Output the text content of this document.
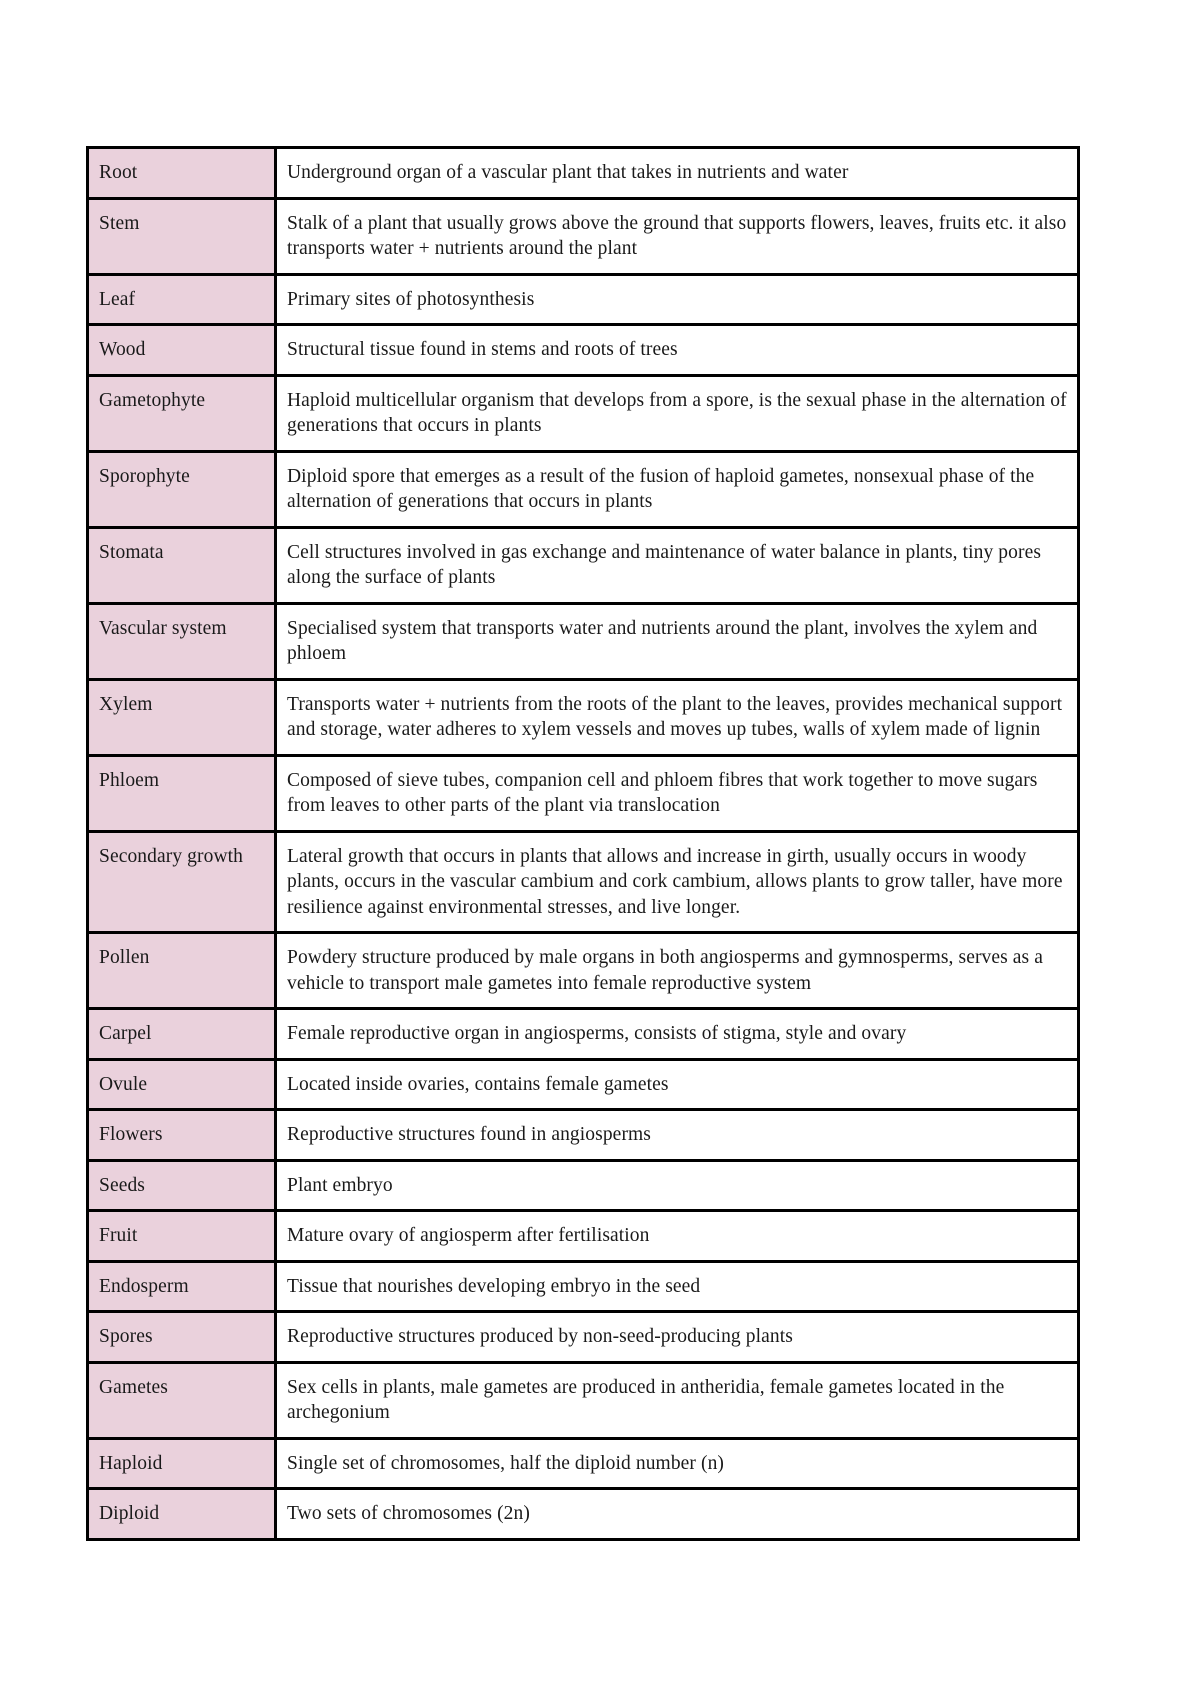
Root	Underground organ of a vascular plant that takes in nutrients and water
Stem	Stalk of a plant that usually grows above the ground that supports flowers, leaves, fruits etc. it also transports water + nutrients around the plant
Leaf	Primary sites of photosynthesis
Wood	Structural tissue found in stems and roots of trees
Gametophyte	Haploid multicellular organism that develops from a spore, is the sexual phase in the alternation of generations that occurs in plants
Sporophyte	Diploid spore that emerges as a result of the fusion of haploid gametes, nonsexual phase of the alternation of generations that occurs in plants
Stomata	Cell structures involved in gas exchange and maintenance of water balance in plants, tiny pores along the surface of plants
Vascular system	Specialised system that transports water and nutrients around the plant, involves the xylem and phloem
Xylem	Transports water + nutrients from the roots of the plant to the leaves, provides mechanical support and storage, water adheres to xylem vessels and moves up tubes, walls of xylem made of lignin
Phloem	Composed of sieve tubes, companion cell and phloem fibres that work together to move sugars from leaves to other parts of the plant via translocation
Secondary growth	Lateral growth that occurs in plants that allows and increase in girth, usually occurs in woody plants, occurs in the vascular cambium and cork cambium, allows plants to grow taller, have more resilience against environmental stresses, and live longer.
Pollen	Powdery structure produced by male organs in both angiosperms and gymnosperms, serves as a vehicle to transport male gametes into female reproductive system
Carpel	Female reproductive organ in angiosperms, consists of stigma, style and ovary
Ovule	Located inside ovaries, contains female gametes
Flowers	Reproductive structures found in angiosperms
Seeds	Plant embryo
Fruit	Mature ovary of angiosperm after fertilisation
Endosperm	Tissue that nourishes developing embryo in the seed
Spores	Reproductive structures produced by non-seed-producing plants
Gametes	Sex cells in plants, male gametes are produced in antheridia, female gametes located in the archegonium
Haploid	Single set of chromosomes, half the diploid number (n)
Diploid	Two sets of chromosomes (2n)
